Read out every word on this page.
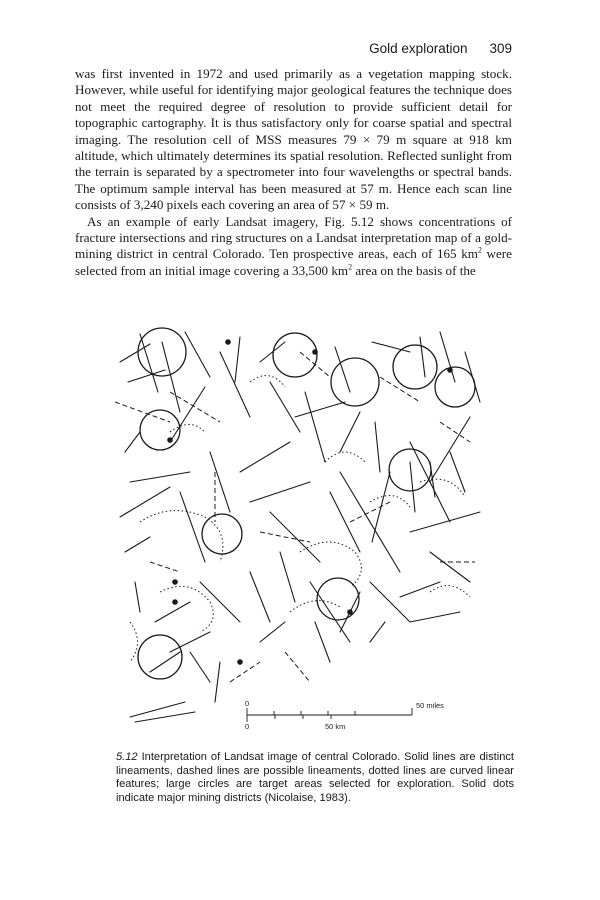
Gold exploration 309

was first invented in 1972 and used primarily as a vegetation mapping stock. However, while useful for identifying major geological features the technique does not meet the required degree of resolution to provide sufficient detail for topographic cartography. It is thus satisfactory only for coarse spatial and spectral imaging. The resolution cell of MSS measures 79 × 79 m square at 918 km altitude, which ultimately determines its spatial resolution. Reflected sunlight from the terrain is separated by a spectrometer into four wavelengths or spectral bands. The optimum sample interval has been measured at 57 m. Hence each scan line consists of 3,240 pixels each covering an area of 57 × 59 m.

As an example of early Landsat imagery, Fig. 5.12 shows concentrations of fracture intersections and ring structures on a Landsat interpretation map of a gold-mining district in central Colorado. Ten prospective areas, each of 165 $km^2$ were selected from an initial image covering a 33,500 $km^2$ area on the basis of the

0
0
50 miles
50 km

5.12 Interpretation of Landsat image of central Colorado. Solid lines are distinct lineaments, dashed lines are possible lineaments, dotted lines are curved linear features; large circles are target areas selected for exploration. Solid dots indicate major mining districts (Nicolaise, 1983).
